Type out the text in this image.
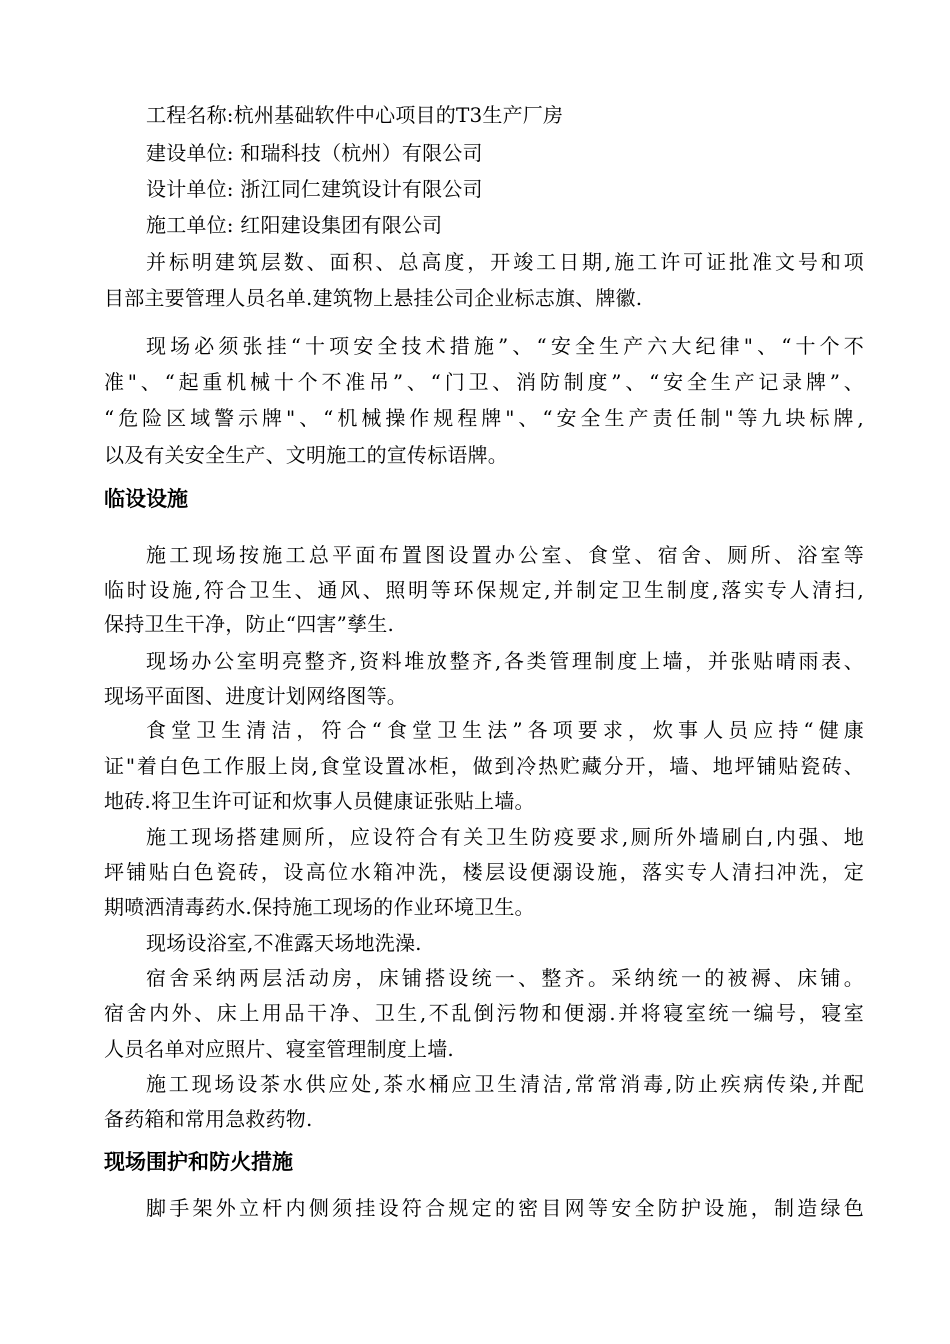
工程名称:杭州基础软件中心项目的T3生产厂房
建设单位: 和瑞科技（杭州）有限公司
设计单位: 浙江同仁建筑设计有限公司
施工单位: 红阳建设集团有限公司
并标明建筑层数、面积、总高度，开竣工日期,施工许可证批准文号和项
目部主要管理人员名单.建筑物上悬挂公司企业标志旗、牌徽.
现场必须张挂“十项安全技术措施”、“安全生产六大纪律"、“十个不
准"、“起重机械十个不准吊”、“门卫、消防制度”、“安全生产记录牌”、
“危险区域警示牌"、“机械操作规程牌"、“安全生产责任制"等九块标牌,
以及有关安全生产、文明施工的宣传标语牌。
临设设施
施工现场按施工总平面布置图设置办公室、食堂、宿舍、厕所、浴室等
临时设施,符合卫生、通风、照明等环保规定,并制定卫生制度,落实专人清扫,
保持卫生干净，防止“四害”孳生.
现场办公室明亮整齐,资料堆放整齐,各类管理制度上墙，并张贴晴雨表、
现场平面图、进度计划网络图等。
食堂卫生清洁，符合“食堂卫生法”各项要求，炊事人员应持“健康
证"着白色工作服上岗,食堂设置冰柜，做到冷热贮藏分开，墙、地坪铺贴瓷砖、
地砖.将卫生许可证和炊事人员健康证张贴上墙。
施工现场搭建厕所，应设符合有关卫生防疫要求,厕所外墙刷白,内强、地
坪铺贴白色瓷砖，设高位水箱冲洗，楼层设便溺设施，落实专人清扫冲洗，定
期喷洒清毒药水.保持施工现场的作业环境卫生。
现场设浴室,不准露天场地洗澡.
宿舍采纳两层活动房，床铺搭设统一、整齐。采纳统一的被褥、床铺。
宿舍内外、床上用品干净、卫生,不乱倒污物和便溺.并将寝室统一编号，寝室
人员名单对应照片、寝室管理制度上墙.
施工现场设茶水供应处,茶水桶应卫生清洁,常常消毒,防止疾病传染,并配
备药箱和常用急救药物.
现场围护和防火措施
脚手架外立杆内侧须挂设符合规定的密目网等安全防护设施，制造绿色
